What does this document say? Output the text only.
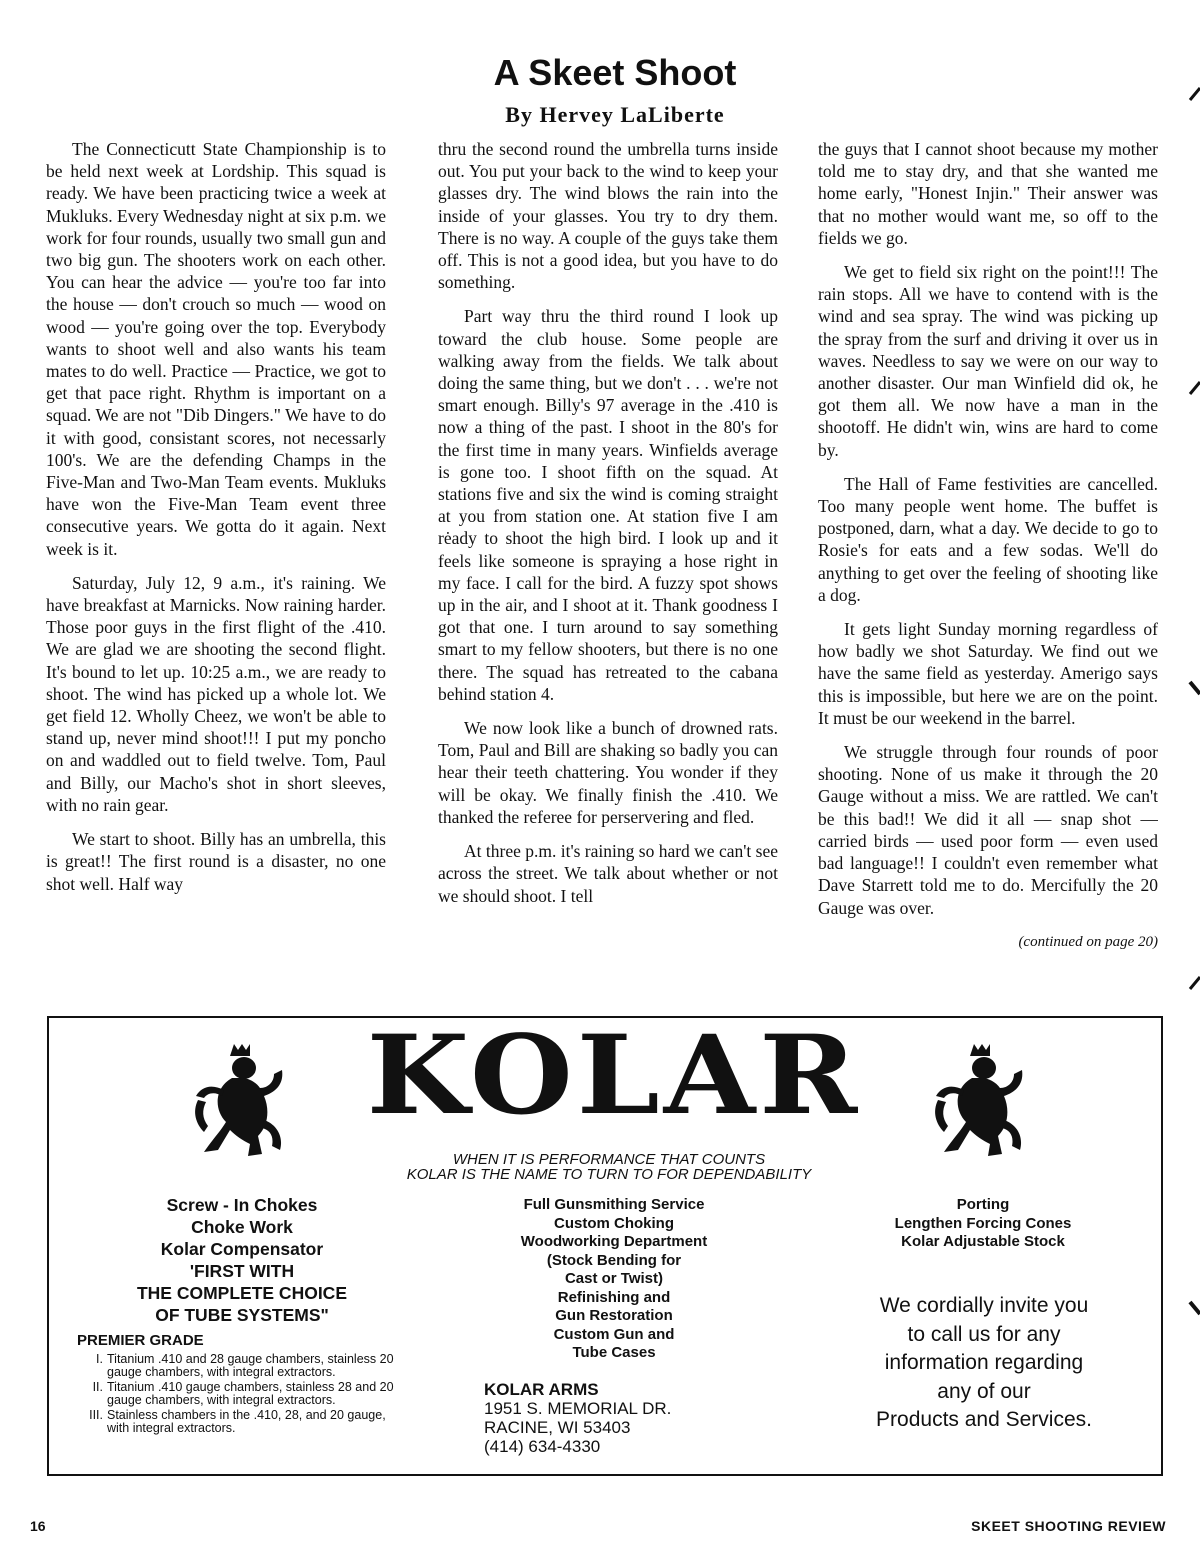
A Skeet Shoot
By Hervey LaLiberte

The Connecticutt State Championship is to be held next week at Lordship. This squad is ready. We have been practicing twice a week at Mukluks. Every Wednesday night at six p.m. we work for four rounds, usually two small gun and two big gun. The shooters work on each other. You can hear the advice — you're too far into the house — don't crouch so much — wood on wood — you're going over the top. Everybody wants to shoot well and also wants his team mates to do well. Practice — Practice, we got to get that pace right. Rhythm is important on a squad. We are not "Dib Dingers." We have to do it with good, consistant scores, not necessarly 100's. We are the defending Champs in the Five-Man and Two-Man Team events. Mukluks have won the Five-Man Team event three consecutive years. We gotta do it again. Next week is it.

Saturday, July 12, 9 a.m., it's raining. We have breakfast at Marnicks. Now raining harder. Those poor guys in the first flight of the .410. We are glad we are shooting the second flight. It's bound to let up. 10:25 a.m., we are ready to shoot. The wind has picked up a whole lot. We get field 12. Wholly Cheez, we won't be able to stand up, never mind shoot!!! I put my poncho on and waddled out to field twelve. Tom, Paul and Billy, our Macho's shot in short sleeves, with no rain gear.

We start to shoot. Billy has an umbrella, this is great!! The first round is a disaster, no one shot well. Half way

thru the second round the umbrella turns inside out. You put your back to the wind to keep your glasses dry. The wind blows the rain into the inside of your glasses. You try to dry them. There is no way. A couple of the guys take them off. This is not a good idea, but you have to do something.

Part way thru the third round I look up toward the club house. Some people are walking away from the fields. We talk about doing the same thing, but we don't . . . we're not smart enough. Billy's 97 average in the .410 is now a thing of the past. I shoot in the 80's for the first time in many years. Winfields average is gone too. I shoot fifth on the squad. At stations five and six the wind is coming straight at you from station one. At station five I am rėady to shoot the high bird. I look up and it feels like someone is spraying a hose right in my face. I call for the bird. A fuzzy spot shows up in the air, and I shoot at it. Thank goodness I got that one. I turn around to say something smart to my fellow shooters, but there is no one there. The squad has retreated to the cabana behind station 4.

We now look like a bunch of drowned rats. Tom, Paul and Bill are shaking so badly you can hear their teeth chattering. You wonder if they will be okay. We finally finish the .410. We thanked the referee for perservering and fled.

At three p.m. it's raining so hard we can't see across the street. We talk about whether or not we should shoot. I tell

the guys that I cannot shoot because my mother told me to stay dry, and that she wanted me home early, "Honest Injin." Their answer was that no mother would want me, so off to the fields we go.

We get to field six right on the point!!! The rain stops. All we have to contend with is the wind and sea spray. The wind was picking up the spray from the surf and driving it over us in waves. Needless to say we were on our way to another disaster. Our man Winfield did ok, he got them all. We now have a man in the shootoff. He didn't win, wins are hard to come by.

The Hall of Fame festivities are cancelled. Too many people went home. The buffet is postponed, darn, what a day. We decide to go to Rosie's for eats and a few sodas. We'll do anything to get over the feeling of shooting like a dog.

It gets light Sunday morning regardless of how badly we shot Saturday. We find out we have the same field as yesterday. Amerigo says this is impossible, but here we are on the point. It must be our weekend in the barrel.

We struggle through four rounds of poor shooting. None of us make it through the 20 Gauge without a miss. We are rattled. We can't be this bad!! We did it all — snap shot — carried birds — used poor form — even used bad language!! I couldn't even remember what Dave Starrett told me to do. Mercifully the 20 Gauge was over.

(continued on page 20)
KOLAR
WHEN IT IS PERFORMANCE THAT COUNTS
KOLAR IS THE NAME TO TURN TO FOR DEPENDABILITY
Screw - In Chokes
Choke Work
Kolar Compensator
'FIRST WITH
THE COMPLETE CHOICE
OF TUBE SYSTEMS"
PREMIER GRADE
I. Titanium .410 and 28 gauge chambers, stainless 20 gauge chambers, with integral extractors.
II. Titanium .410 gauge chambers, stainless 28 and 20 gauge chambers, with integral extractors.
III. Stainless chambers in the .410, 28, and 20 gauge, with integral extractors.
Full Gunsmithing Service
Custom Choking
Woodworking Department
(Stock Bending for
Cast or Twist)
Refinishing and
Gun Restoration
Custom Gun and
Tube Cases
KOLAR ARMS
1951 S. MEMORIAL DR.
RACINE, WI 53403
(414) 634-4330
Porting
Lengthen Forcing Cones
Kolar Adjustable Stock
We cordially invite you
to call us for any
information regarding
any of our
Products and Services.
16	SKEET SHOOTING REVIEW
